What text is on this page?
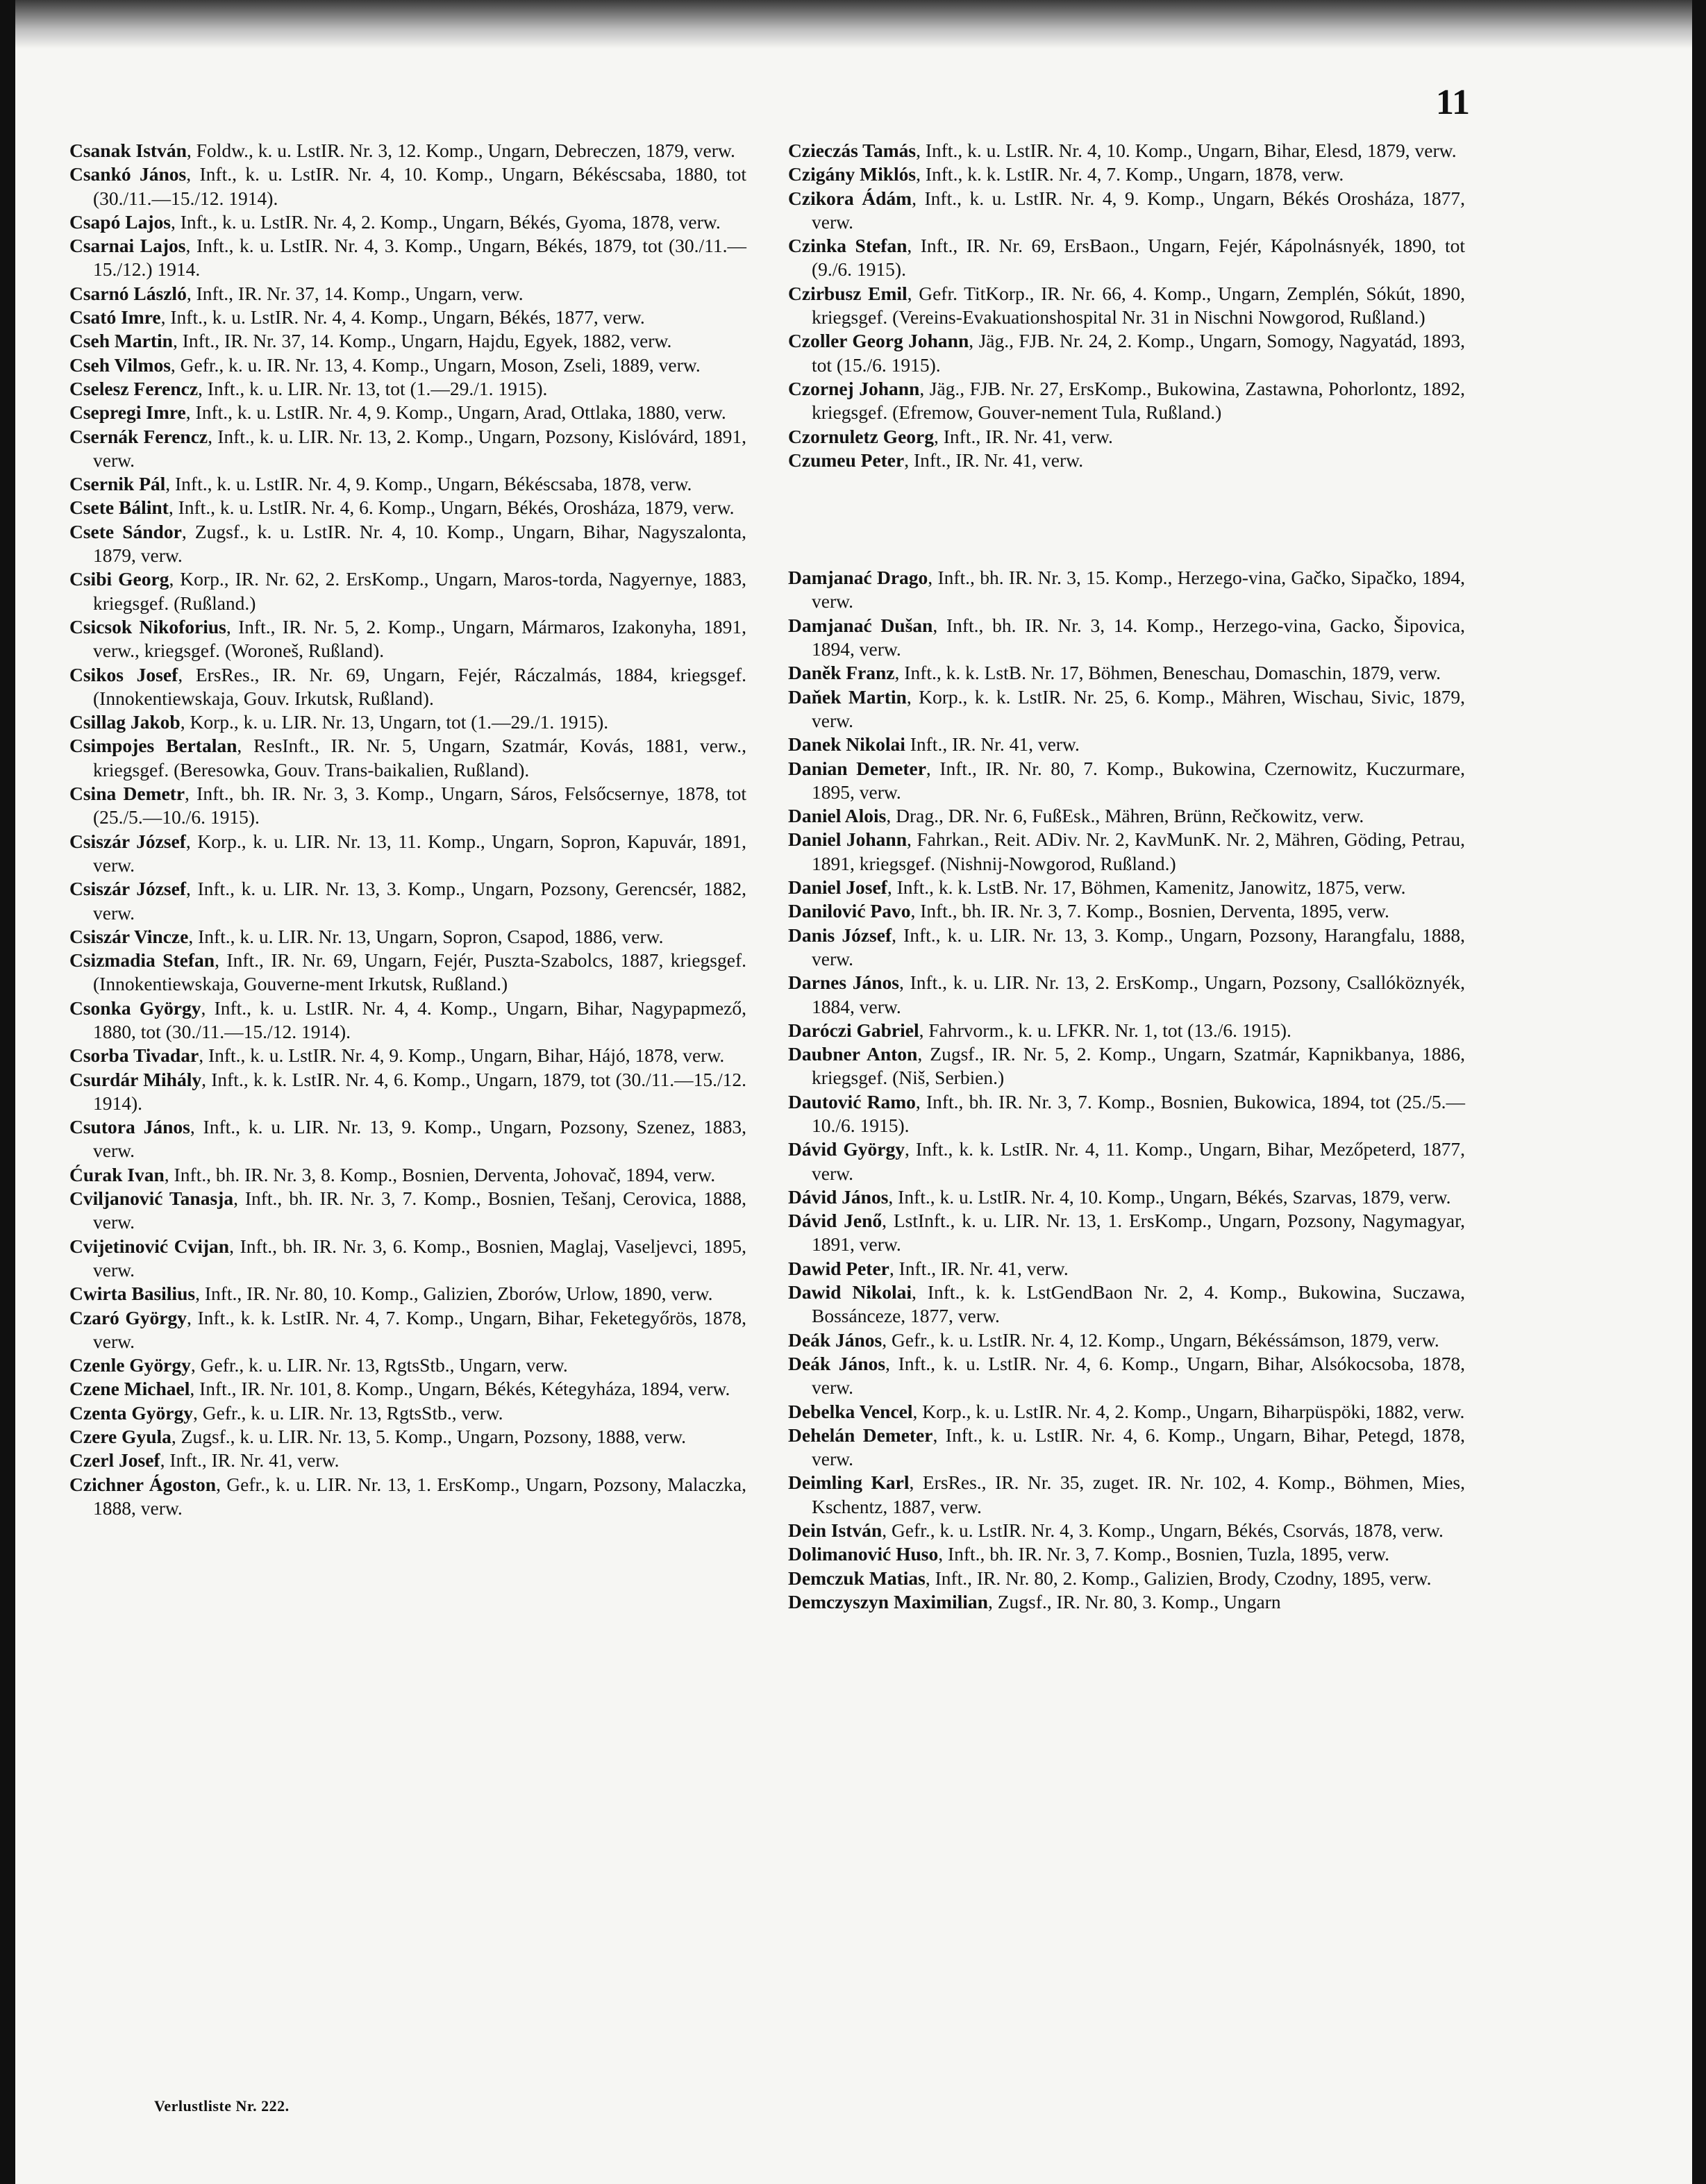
11

Csanak István, Foldw., k. u. LstIR. Nr. 3, 12. Komp., Ungarn, Debreczen, 1879, verw.

Csankó János, Inft., k. u. LstIR. Nr. 4, 10. Komp., Ungarn, Békéscsaba, 1880, tot (30./11.—15./12. 1914).

Csapó Lajos, Inft., k. u. LstIR. Nr. 4, 2. Komp., Ungarn, Békés, Gyoma, 1878, verw.

Csarnai Lajos, Inft., k. u. LstIR. Nr. 4, 3. Komp., Ungarn, Békés, 1879, tot (30./11.—15./12.) 1914.

Csarnó László, Inft., IR. Nr. 37, 14. Komp., Ungarn, verw.

Csató Imre, Inft., k. u. LstIR. Nr. 4, 4. Komp., Ungarn, Békés, 1877, verw.

Cseh Martin, Inft., IR. Nr. 37, 14. Komp., Ungarn, Hajdu, Egyek, 1882, verw.

Cseh Vilmos, Gefr., k. u. IR. Nr. 13, 4. Komp., Ungarn, Moson, Zseli, 1889, verw.

Cselesz Ferencz, Inft., k. u. LIR. Nr. 13, tot (1.—29./1. 1915).

Csepregi Imre, Inft., k. u. LstIR. Nr. 4, 9. Komp., Ungarn, Arad, Ottlaka, 1880, verw.

Csernák Ferencz, Inft., k. u. LIR. Nr. 13, 2. Komp., Ungarn, Pozsony, Kislóvárd, 1891, verw.

Csernik Pál, Inft., k. u. LstIR. Nr. 4, 9. Komp., Ungarn, Békéscsaba, 1878, verw.

Csete Bálint, Inft., k. u. LstIR. Nr. 4, 6. Komp., Ungarn, Békés, Orosháza, 1879, verw.

Csete Sándor, Zugsf., k. u. LstIR. Nr. 4, 10. Komp., Ungarn, Bihar, Nagyszalonta, 1879, verw.

Csibi Georg, Korp., IR. Nr. 62, 2. ErsKomp., Ungarn, Maros-torda, Nagyernye, 1883, kriegsgef. (Rußland.)

Csicsok Nikoforius, Inft., IR. Nr. 5, 2. Komp., Ungarn, Mármaros, Izakonyha, 1891, verw., kriegsgef. (Woroneš, Rußland).

Csikos Josef, ErsRes., IR. Nr. 69, Ungarn, Fejér, Ráczalmás, 1884, kriegsgef. (Innokentiewskaja, Gouv. Irkutsk, Rußland).

Csillag Jakob, Korp., k. u. LIR. Nr. 13, Ungarn, tot (1.—29./1. 1915).

Csimpojes Bertalan, ResInft., IR. Nr. 5, Ungarn, Szatmár, Kovás, 1881, verw., kriegsgef. (Beresowka, Gouv. Trans-baikalien, Rußland).

Csina Demetr, Inft., bh. IR. Nr. 3, 3. Komp., Ungarn, Sáros, Felsőcsernye, 1878, tot (25./5.—10./6. 1915).

Csiszár József, Korp., k. u. LIR. Nr. 13, 11. Komp., Ungarn, Sopron, Kapuvár, 1891, verw.

Csiszár József, Inft., k. u. LIR. Nr. 13, 3. Komp., Ungarn, Pozsony, Gerencsér, 1882, verw.

Csiszár Vincze, Inft., k. u. LIR. Nr. 13, Ungarn, Sopron, Csapod, 1886, verw.

Csizmadia Stefan, Inft., IR. Nr. 69, Ungarn, Fejér, Puszta-Szabolcs, 1887, kriegsgef. (Innokentiewskaja, Gouverne-ment Irkutsk, Rußland.)

Csonka György, Inft., k. u. LstIR. Nr. 4, 4. Komp., Ungarn, Bihar, Nagypapmező, 1880, tot (30./11.—15./12. 1914).

Csorba Tivadar, Inft., k. u. LstIR. Nr. 4, 9. Komp., Ungarn, Bihar, Hájó, 1878, verw.

Csurdár Mihály, Inft., k. k. LstIR. Nr. 4, 6. Komp., Ungarn, 1879, tot (30./11.—15./12. 1914).

Csutora János, Inft., k. u. LIR. Nr. 13, 9. Komp., Ungarn, Pozsony, Szenez, 1883, verw.

Ćurak Ivan, Inft., bh. IR. Nr. 3, 8. Komp., Bosnien, Derventa, Johovač, 1894, verw.

Cviljanović Tanasja, Inft., bh. IR. Nr. 3, 7. Komp., Bosnien, Tešanj, Cerovica, 1888, verw.

Cvijetinović Cvijan, Inft., bh. IR. Nr. 3, 6. Komp., Bosnien, Maglaj, Vaseljevci, 1895, verw.

Cwirta Basilius, Inft., IR. Nr. 80, 10. Komp., Galizien, Zborów, Urlow, 1890, verw.

Czaró György, Inft., k. k. LstIR. Nr. 4, 7. Komp., Ungarn, Bihar, Feketegyőrös, 1878, verw.

Czenle György, Gefr., k. u. LIR. Nr. 13, RgtsStb., Ungarn, verw.

Czene Michael, Inft., IR. Nr. 101, 8. Komp., Ungarn, Békés, Kétegyháza, 1894, verw.

Czenta György, Gefr., k. u. LIR. Nr. 13, RgtsStb., verw.

Czere Gyula, Zugsf., k. u. LIR. Nr. 13, 5. Komp., Ungarn, Pozsony, 1888, verw.

Czerl Josef, Inft., IR. Nr. 41, verw.

Czichner Ágoston, Gefr., k. u. LIR. Nr. 13, 1. ErsKomp., Ungarn, Pozsony, Malaczka, 1888, verw.

Czieczás Tamás, Inft., k. u. LstIR. Nr. 4, 10. Komp., Ungarn, Bihar, Elesd, 1879, verw.

Czigány Miklós, Inft., k. k. LstIR. Nr. 4, 7. Komp., Ungarn, 1878, verw.

Czikora Ádám, Inft., k. u. LstIR. Nr. 4, 9. Komp., Ungarn, Békés Orosháza, 1877, verw.

Czinka Stefan, Inft., IR. Nr. 69, ErsBaon., Ungarn, Fejér, Kápolnásnyék, 1890, tot (9./6. 1915).

Czirbusz Emil, Gefr. TitKorp., IR. Nr. 66, 4. Komp., Ungarn, Zemplén, Sókút, 1890, kriegsgef. (Vereins-Evakuationshospital Nr. 31 in Nischni Nowgorod, Rußland.)

Czoller Georg Johann, Jäg., FJB. Nr. 24, 2. Komp., Ungarn, Somogy, Nagyatád, 1893, tot (15./6. 1915).

Czornej Johann, Jäg., FJB. Nr. 27, ErsKomp., Bukowina, Zastawna, Pohorlontz, 1892, kriegsgef. (Efremow, Gouver-nement Tula, Rußland.)

Czornuletz Georg, Inft., IR. Nr. 41, verw.

Czumeu Peter, Inft., IR. Nr. 41, verw.

Damjanać Drago, Inft., bh. IR. Nr. 3, 15. Komp., Herzego-vina, Gačko, Sipačko, 1894, verw.

Damjanać Dušan, Inft., bh. IR. Nr. 3, 14. Komp., Herzego-vina, Gacko, Šipovica, 1894, verw.

Daněk Franz, Inft., k. k. LstB. Nr. 17, Böhmen, Beneschau, Domaschin, 1879, verw.

Daňek Martin, Korp., k. k. LstIR. Nr. 25, 6. Komp., Mähren, Wischau, Sivic, 1879, verw.

Danek Nikolai Inft., IR. Nr. 41, verw.

Danian Demeter, Inft., IR. Nr. 80, 7. Komp., Bukowina, Czernowitz, Kuczurmare, 1895, verw.

Daniel Alois, Drag., DR. Nr. 6, FußEsk., Mähren, Brünn, Rečkowitz, verw.

Daniel Johann, Fahrkan., Reit. ADiv. Nr. 2, KavMunK. Nr. 2, Mähren, Göding, Petrau, 1891, kriegsgef. (Nishnij-Nowgorod, Rußland.)

Daniel Josef, Inft., k. k. LstB. Nr. 17, Böhmen, Kamenitz, Janowitz, 1875, verw.

Danilović Pavo, Inft., bh. IR. Nr. 3, 7. Komp., Bosnien, Derventa, 1895, verw.

Danis József, Inft., k. u. LIR. Nr. 13, 3. Komp., Ungarn, Pozsony, Harangfalu, 1888, verw.

Darnes János, Inft., k. u. LIR. Nr. 13, 2. ErsKomp., Ungarn, Pozsony, Csallóköznyék, 1884, verw.

Daróczi Gabriel, Fahrvorm., k. u. LFKR. Nr. 1, tot (13./6. 1915).

Daubner Anton, Zugsf., IR. Nr. 5, 2. Komp., Ungarn, Szatmár, Kapnikbanya, 1886, kriegsgef. (Niš, Serbien.)

Dautović Ramo, Inft., bh. IR. Nr. 3, 7. Komp., Bosnien, Bukowica, 1894, tot (25./5.—10./6. 1915).

Dávid György, Inft., k. k. LstIR. Nr. 4, 11. Komp., Ungarn, Bihar, Mezőpeterd, 1877, verw.

Dávid János, Inft., k. u. LstIR. Nr. 4, 10. Komp., Ungarn, Békés, Szarvas, 1879, verw.

Dávid Jenő, LstInft., k. u. LIR. Nr. 13, 1. ErsKomp., Ungarn, Pozsony, Nagymagyar, 1891, verw.

Dawid Peter, Inft., IR. Nr. 41, verw.

Dawid Nikolai, Inft., k. k. LstGendBaon Nr. 2, 4. Komp., Bukowina, Suczawa, Bossánceze, 1877, verw.

Deák János, Gefr., k. u. LstIR. Nr. 4, 12. Komp., Ungarn, Békéssámson, 1879, verw.

Deák János, Inft., k. u. LstIR. Nr. 4, 6. Komp., Ungarn, Bihar, Alsókocsoba, 1878, verw.

Debelka Vencel, Korp., k. u. LstIR. Nr. 4, 2. Komp., Ungarn, Biharpüspöki, 1882, verw.

Dehelán Demeter, Inft., k. u. LstIR. Nr. 4, 6. Komp., Ungarn, Bihar, Petegd, 1878, verw.

Deimling Karl, ErsRes., IR. Nr. 35, zuget. IR. Nr. 102, 4. Komp., Böhmen, Mies, Kschentz, 1887, verw.

Dein István, Gefr., k. u. LstIR. Nr. 4, 3. Komp., Ungarn, Békés, Csorvás, 1878, verw.

Dolimanović Huso, Inft., bh. IR. Nr. 3, 7. Komp., Bosnien, Tuzla, 1895, verw.

Demczuk Matias, Inft., IR. Nr. 80, 2. Komp., Galizien, Brody, Czodny, 1895, verw.

Demczyszyn Maximilian, Zugsf., IR. Nr. 80, 3. Komp., Ungarn

Verlustliste Nr. 222.
